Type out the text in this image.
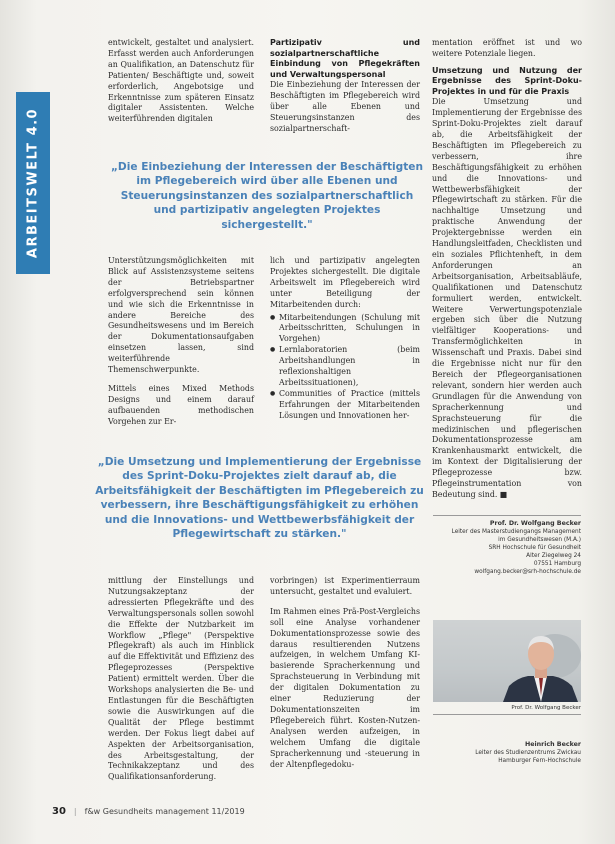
ARBEITSWELT 4.0

entwickelt, gestaltet und analysiert. Erfasst werden auch Anforderungen an Qualifikation, an Datenschutz für Patienten/ Beschäftigte und, soweit erforderlich, Angebotsige und Erkenntnisse zum späteren Einsatz digitaler Assistenten. Welche weiterführenden digitalen

Partizipativ und sozialpartnerschaftliche Einbindung von Pflegekräften und Verwaltungspersonal

Die Einbeziehung der Interessen der Beschäftigten im Pflegebereich wird über alle Ebenen und Steuerungsinstanzen des sozialpartnerschaft-

mentation eröffnet ist und wo weitere Potenziale liegen.

Umsetzung und Nutzung der Ergebnisse des Sprint-Doku-Projektes in und für die Praxis

Die Umsetzung und Implementierung der Ergebnisse des Sprint-Doku-Projektes zielt darauf ab, die Arbeitsfähigkeit der Beschäftigten im Pflegebereich zu verbessern, ihre Beschäftigungsfähigkeit zu erhöhen und die Innovations- und Wettbewerbsfähigkeit der Pflegewirtschaft zu stärken. Für die nachhaltige Umsetzung und praktische Anwendung der Projektergebnisse werden ein Handlungsleitfaden, Checklisten und ein soziales Pflichtenheft, in dem Anforderungen an Arbeitsorganisation, Arbeitsabläufe, Qualifikationen und Datenschutz formuliert werden, entwickelt. Weitere Verwertungspotenziale ergeben sich über die Nutzung vielfältiger Kooperations- und Transfermöglichkeiten in Wissenschaft und Praxis. Dabei sind die Ergebnisse nicht nur für den Bereich der Pflegeorganisationen relevant, sondern hier werden auch Grundlagen für die Anwendung von Spracherkennung und Sprachsteuerung für die medizinischen und pflegerischen Dokumentationsprozesse am Krankenhausmarkt entwickelt, die im Kontext der Digitalisierung der Pflegeprozesse bzw. Pflegeinstrumentation von Bedeutung sind. ■

„Die Einbeziehung der Interessen der Beschäftigten im Pflegebereich wird über alle Ebenen und Steuerungsinstanzen des sozialpartnerschaftlich und partizipativ angelegten Projektes sichergestellt."

Unterstützungsmöglichkeiten mit Blick auf Assistenzsysteme seitens der Betriebspartner erfolgversprechend sein können und wie sich die Erkenntnisse in andere Bereiche des Gesundheitswesens und im Bereich der Dokumentationsaufgaben einsetzen lassen, sind weiterführende Themenschwerpunkte.

Mittels eines Mixed Methods Designs und einem darauf aufbauenden methodischen Vorgehen zur Er-

lich und partizipativ angelegten Projektes sichergestellt. Die digitale Arbeitswelt im Pflegebereich wird unter Beteiligung der Mitarbeitenden durch:

● Mitarbeitendungen (Schulung mit Arbeitsschritten, Schulungen in Vorgehen)
● Lernlaboratorien (beim Arbeitshandlungen in reflexionshaltigen Arbeitssituationen),
● Communities of Practice (mittels Erfahrungen der Mitarbeitenden Lösungen und Innovationen her-
„Die Umsetzung und Implementierung der Ergebnisse des Sprint-Doku-Projektes zielt darauf ab, die Arbeitsfähigkeit der Beschäftigten im Pflegebereich zu verbessern, ihre Beschäftigungsfähigkeit zu erhöhen und die Innovations- und Wettbewerbsfähigkeit der Pflegewirtschaft zu stärken."

mittlung der Einstellungs und Nutzungsakzeptanz der adressierten Pflegekräfte und des Verwaltungspersonals sollen sowohl die Effekte der Nutzbarkeit im Workflow „Pflege" (Perspektive Pflegekraft) als auch im Hinblick auf die Effektivität und Effizienz des Pflegeprozesses (Perspektive Patient) ermittelt werden. Über die Workshops analysierten die Be- und Entlastungen für die Beschäftigten sowie die Auswirkungen auf die Qualität der Pflege bestimmt werden. Der Fokus liegt dabei auf Aspekten der Arbeitsorganisation, des Arbeitsgestaltung, der Technikakzeptanz und des Qualifikationsanforderung.

vorbringen) ist Experimentierraum untersucht, gestaltet und evaluiert.

Im Rahmen eines Prä-Post-Vergleichs soll eine Analyse vorhandener Dokumentationsprozesse sowie des daraus resultierenden Nutzens aufzeigen, in welchem Umfang KI-basierende Spracherkennung und Sprachsteuerung in Verbindung mit der digitalen Dokumentation zu einer Reduzierung der Dokumentationszeiten im Pflegebereich führt. Kosten-Nutzen-Analysen werden aufzeigen, in welchem Umfang die digitale Spracherkennung und -steuerung in der Altenpflegedoku-

Prof. Dr. Wolfgang Becker
Leiter des Masterstudiengangs Management
im Gesundheitswesen (M.A.)
SRH Hochschule für Gesundheit
Alter Ziegelweg 24
07551 Hamburg
wolfgang.becker@srh-hochschule.de
Prof. Dr. Wolfgang Becker
Heinrich Becker
Leiter des Studienzentrums Zwickau
Hamburger Fern-Hochschule
30 | f&w Gesundheits management 11/2019
